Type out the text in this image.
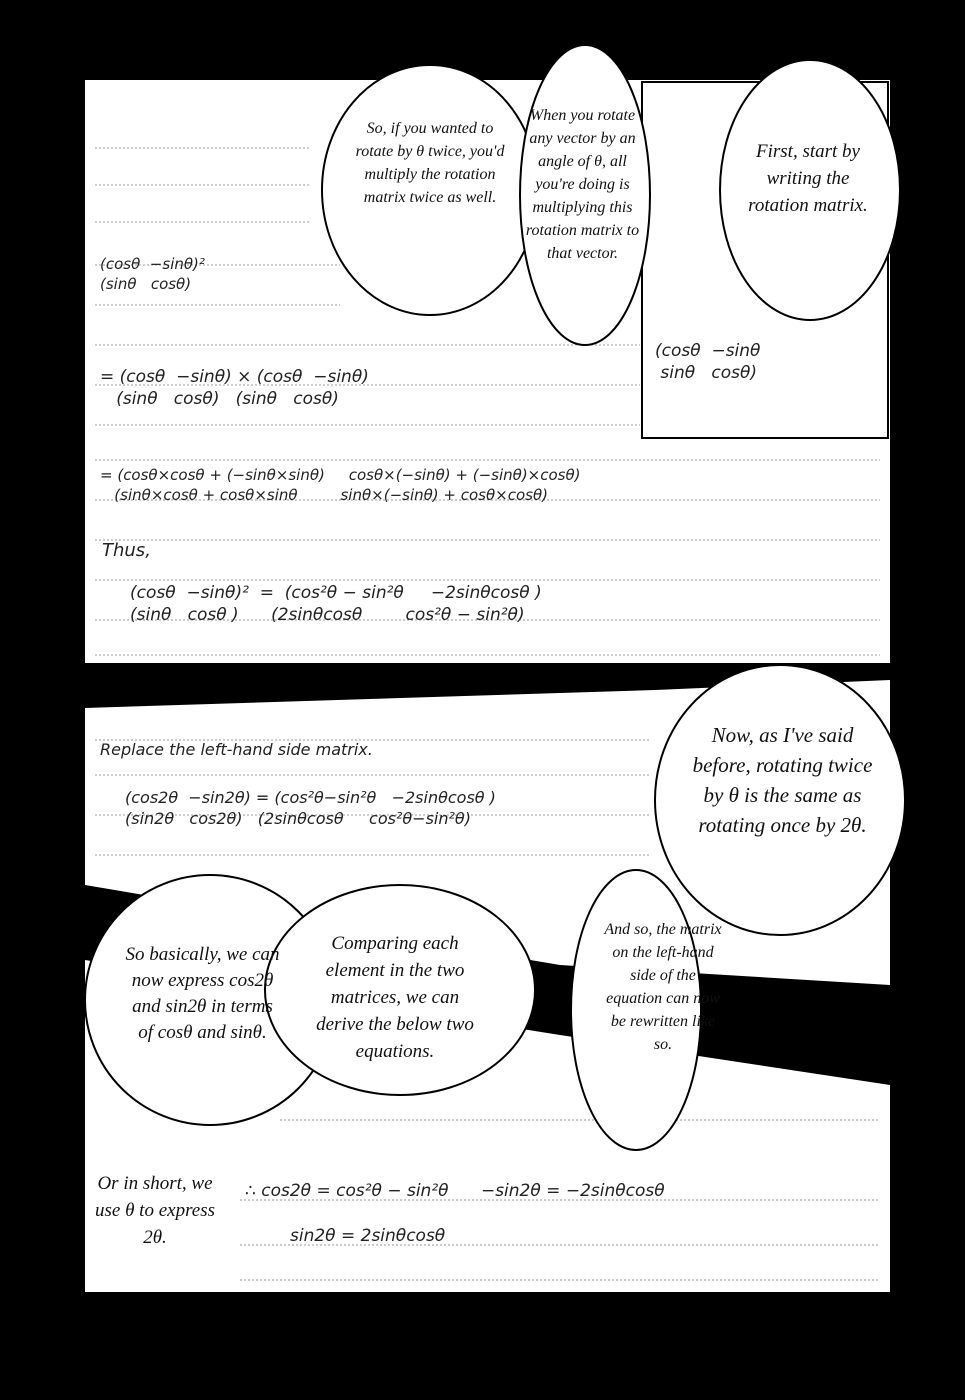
So, if you wanted to rotate by θ twice, you'd multiply the rotation matrix twice as well.
When you rotate any vector by an angle of θ, all you're doing is multiplying this rotation matrix to that vector.
First, start by writing the rotation matrix.
(cosθ  −sinθ
sinθ   cosθ)
(cosθ  −sinθ)²
(sinθ   cosθ)
= (cosθ  −sinθ) × (cosθ  −sinθ)
(sinθ   cosθ)   (sinθ   cosθ)
= (cosθ×cosθ + (−sinθ×sinθ)     cosθ×(−sinθ) + (−sinθ)×cosθ)
(sinθ×cosθ + cosθ×sinθ         sinθ×(−sinθ) + cosθ×cosθ)
Thus,
(cosθ  −sinθ)²  =  (cos²θ − sin²θ     −2sinθcosθ )
(sinθ   cosθ )      (2sinθcosθ        cos²θ − sin²θ)
Replace the left-hand side matrix.
(cos2θ  −sin2θ) = (cos²θ−sin²θ   −2sinθcosθ )
(sin2θ   cos2θ)   (2sinθcosθ     cos²θ−sin²θ)
Now, as I've said before, rotating twice by θ is the same as rotating once by 2θ.
So basically, we can now express cos2θ and sin2θ in terms of cosθ and sinθ.
Comparing each element in the two matrices, we can derive the below two equations.
And so, the matrix on the left-hand side of the equation can now be rewritten like so.
Or in short, we use θ to express 2θ.
∴ cos2θ = cos²θ − sin²θ      −sin2θ = −2sinθcosθ
sin2θ = 2sinθcosθ
